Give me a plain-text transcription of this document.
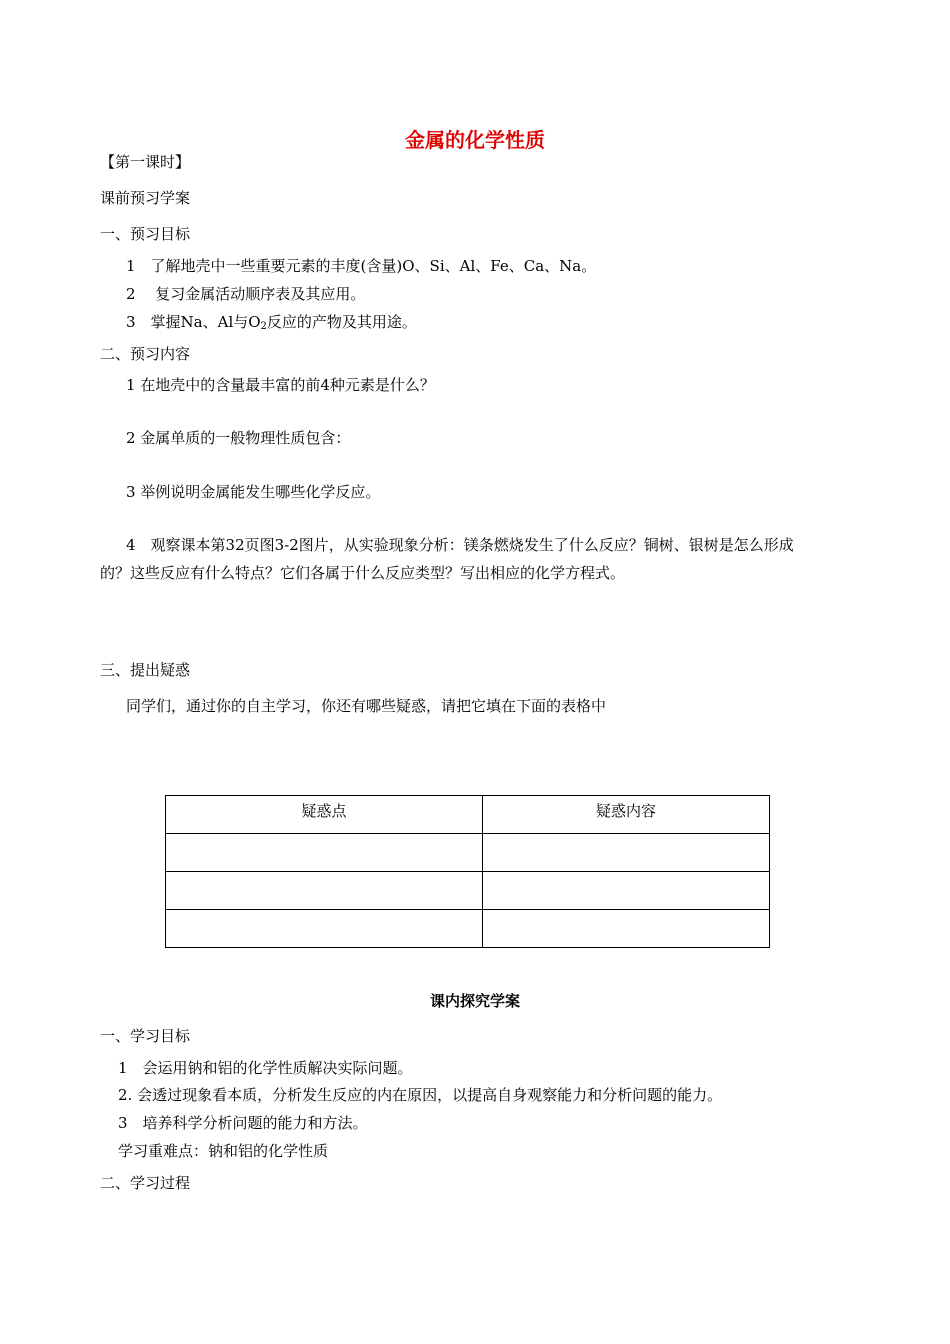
金属的化学性质
【第一课时】
课前预习学案
一、预习目标
1　了解地壳中一些重要元素的丰度(含量)O、Si、Al、Fe、Ca、Na。
2　 复习金属活动顺序表及其应用。
3　掌握Na、Al与$O_2$反应的产物及其用途。
二、预习内容
1 在地壳中的含量最丰富的前4种元素是什么？
2 金属单质的一般物理性质包含：
3 举例说明金属能发生哪些化学反应。
4　观察课本第32页图3-2图片，从实验现象分析：镁条燃烧发生了什么反应？铜树、银树是怎么形成
的？这些反应有什么特点？它们各属于什么反应类型？写出相应的化学方程式。
三、提出疑惑
同学们，通过你的自主学习，你还有哪些疑惑，请把它填在下面的表格中
疑惑点	疑惑内容

课内探究学案
一、学习目标
1　会运用钠和铝的化学性质解决实际问题。
2. 会透过现象看本质，分析发生反应的内在原因，以提高自身观察能力和分析问题的能力。
3　培养科学分析问题的能力和方法。
学习重难点：钠和铝的化学性质
二、学习过程
